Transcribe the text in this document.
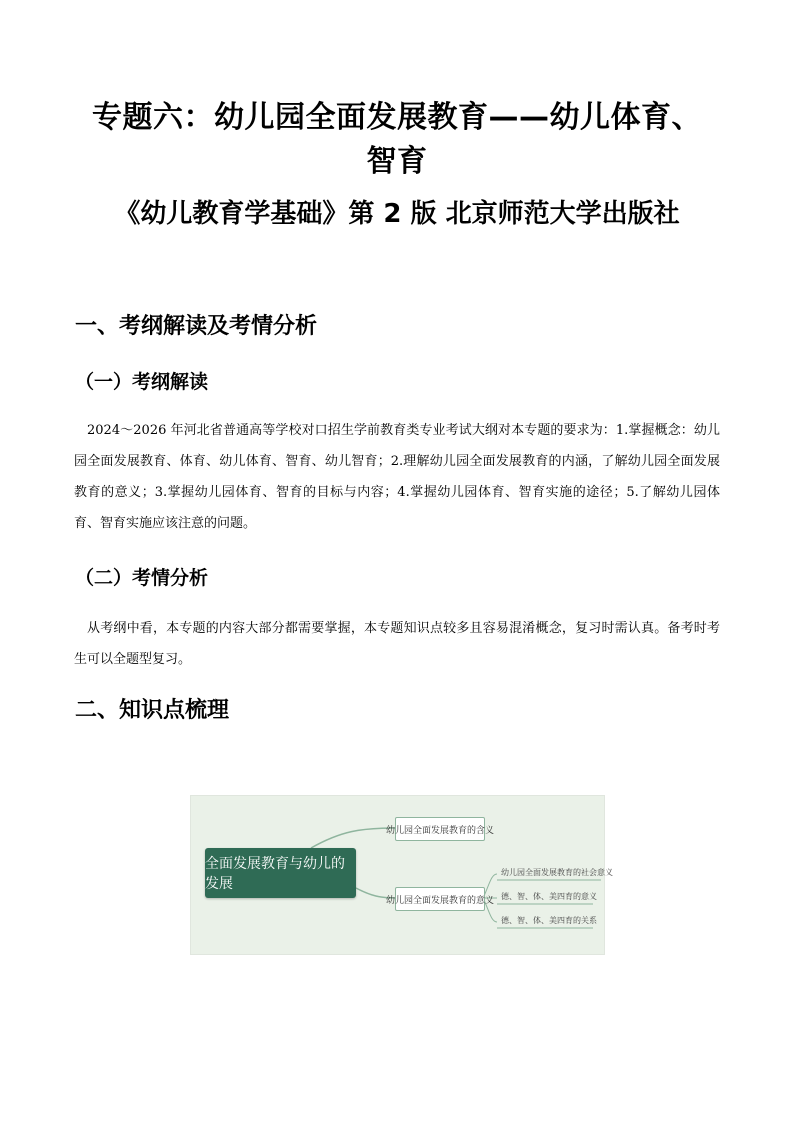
专题六：幼儿园全面发展教育——幼儿体育、
智育
《幼儿教育学基础》第 2 版 北京师范大学出版社
一、考纲解读及考情分析
（一）考纲解读
2024～2026 年河北省普通高等学校对口招生学前教育类专业考试大纲对本专题的要求为：1.掌握概念：幼儿园全面发展教育、体育、幼儿体育、智育、幼儿智育；2.理解幼儿园全面发展教育的内涵，了解幼儿园全面发展教育的意义；3.掌握幼儿园体育、智育的目标与内容；4.掌握幼儿园体育、智育实施的途径；5.了解幼儿园体育、智育实施应该注意的问题。
（二）考情分析
从考纲中看，本专题的内容大部分都需要掌握，本专题知识点较多且容易混淆概念，复习时需认真。备考时考生可以全题型复习。
二、知识点梳理
全面发展教育与幼儿的发展
幼儿园全面发展教育的含义
幼儿园全面发展教育的意义
幼儿园全面发展教育的社会意义
德、智、体、美四育的意义
德、智、体、美四育的关系
